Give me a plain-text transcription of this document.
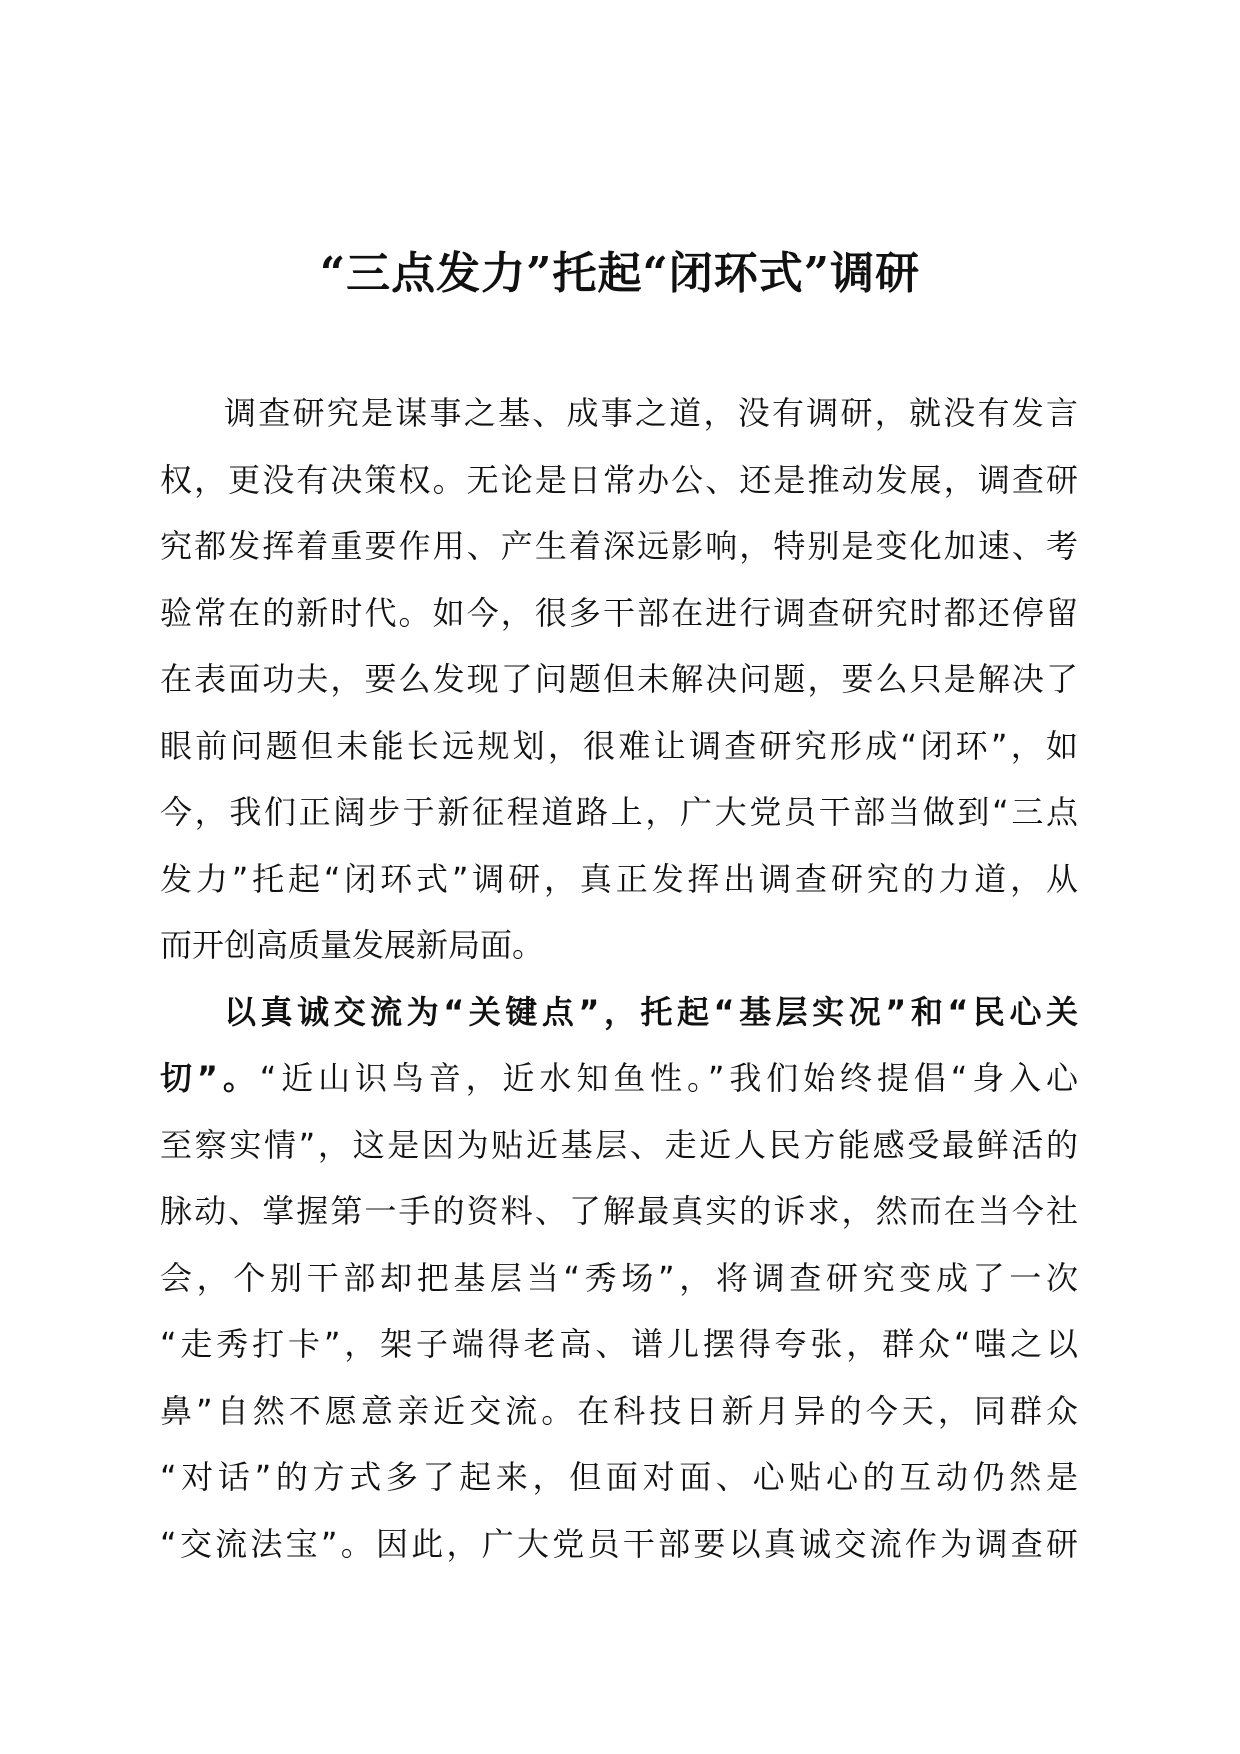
“三点发力”托起“闭环式”调研
调查研究是谋事之基、成事之道，没有调研，就没有发言
权，更没有决策权。无论是日常办公、还是推动发展，调查研
究都发挥着重要作用、产生着深远影响，特别是变化加速、考
验常在的新时代。如今，很多干部在进行调查研究时都还停留
在表面功夫，要么发现了问题但未解决问题，要么只是解决了
眼前问题但未能长远规划，很难让调查研究形成“闭环”，如
今，我们正阔步于新征程道路上，广大党员干部当做到“三点
发力”托起“闭环式”调研，真正发挥出调查研究的力道，从
而开创高质量发展新局面。
以真诚交流为“关键点”，托起“基层实况”和“民心关
切”。“近山识鸟音，近水知鱼性。”我们始终提倡“身入心
至察实情”，这是因为贴近基层、走近人民方能感受最鲜活的
脉动、掌握第一手的资料、了解最真实的诉求，然而在当今社
会，个别干部却把基层当“秀场”，将调查研究变成了一次
“走秀打卡”，架子端得老高、谱儿摆得夸张，群众“嗤之以
鼻”自然不愿意亲近交流。在科技日新月异的今天，同群众
“对话”的方式多了起来，但面对面、心贴心的互动仍然是
“交流法宝”。因此，广大党员干部要以真诚交流作为调查研
